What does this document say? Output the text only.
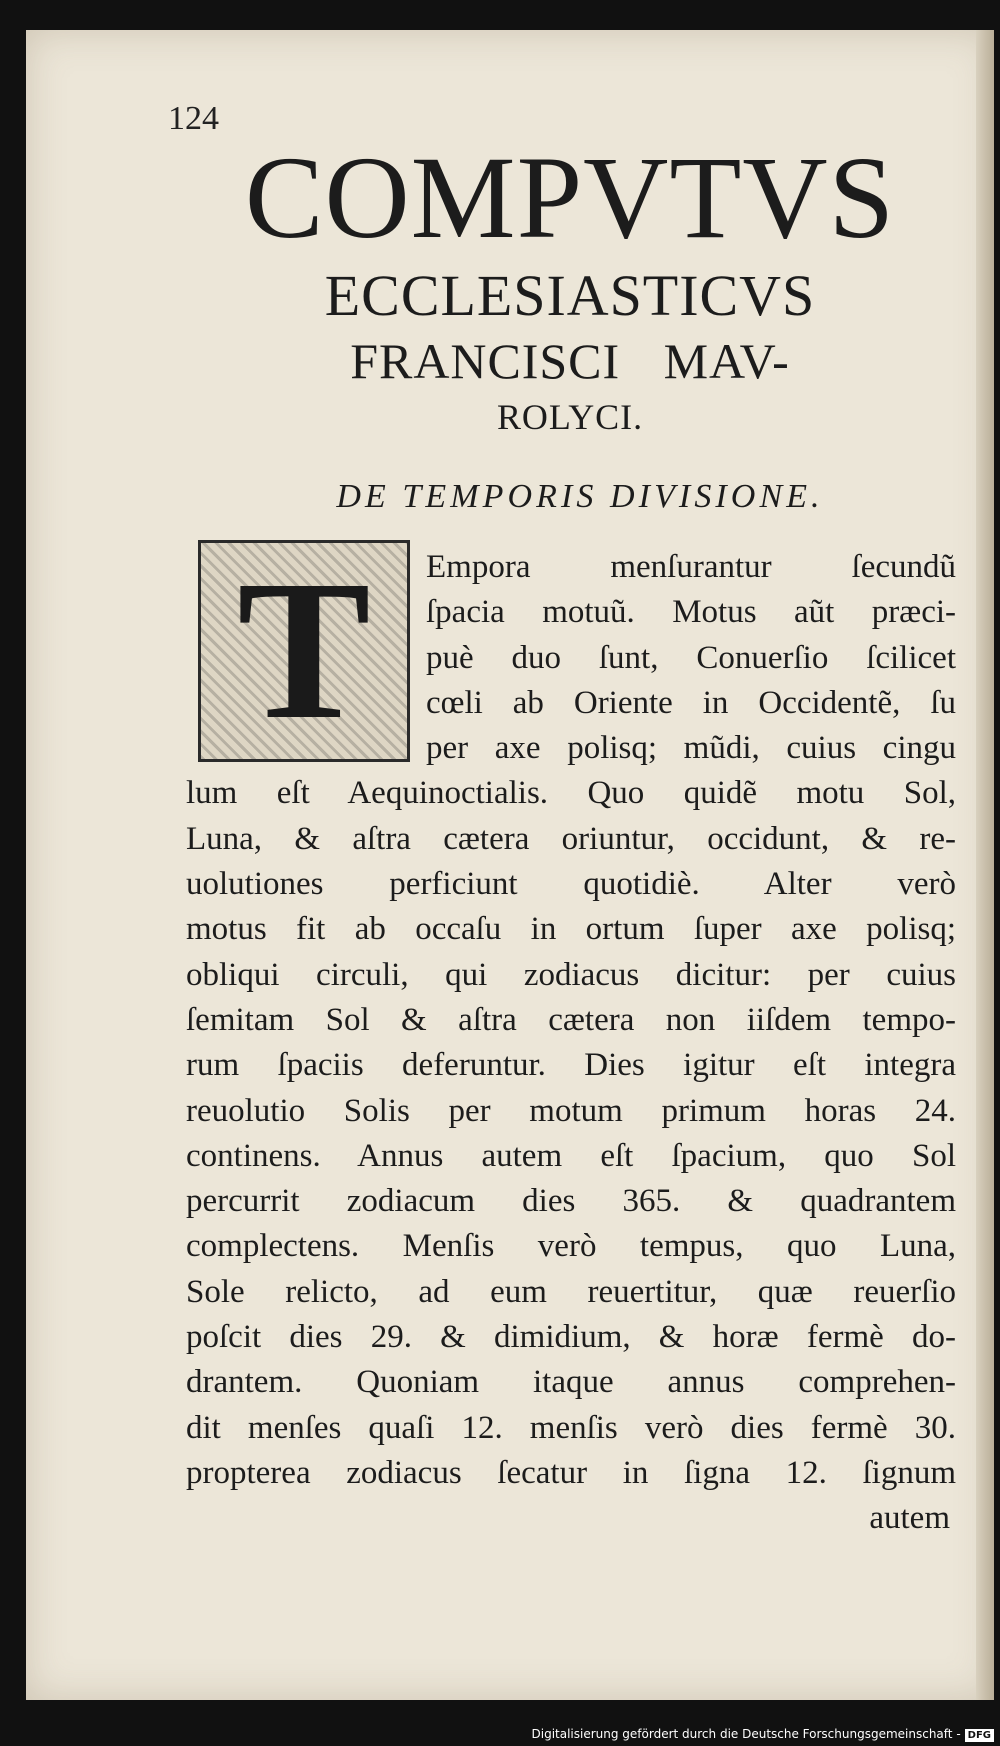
124
COMPVTVS
ECCLESIASTICVS
FRANCISCI MAV-
ROLYCI.
DE TEMPORIS DIVISIONE.
T	Empora menſurantur ſecundũ
ſpacia motuũ. Motus aũt præci-
puè duo ſunt, Conuerſio ſcilicet
cœli ab Oriente in Occidentẽ, ſu
per axe polisq; mũdi, cuius cingu
lum eſt Aequinoctialis. Quo quidẽ motu Sol,
Luna, & aſtra cætera oriuntur, occidunt, & re-
uolutiones perficiunt quotidiè. Alter verò
motus fit ab occaſu in ortum ſuper axe polisq;
obliqui circuli, qui zodiacus dicitur: per cuius
ſemitam Sol & aſtra cætera non iiſdem tempo-
rum ſpaciis deferuntur. Dies igitur eſt integra
reuolutio Solis per motum primum horas 24.
continens. Annus autem eſt ſpacium, quo Sol
percurrit zodiacum dies 365. & quadrantem
complectens. Menſis verò tempus, quo Luna,
Sole relicto, ad eum reuertitur, quæ reuerſio
poſcit dies 29. & dimidium, & horæ fermè do-
drantem. Quoniam itaque annus comprehen-
dit menſes quaſi 12. menſis verò dies fermè 30.
propterea zodiacus ſecatur in ſigna 12. ſignum
autem
Digitalisierung gefördert durch die Deutsche Forschungsgemeinschaft - DFG
